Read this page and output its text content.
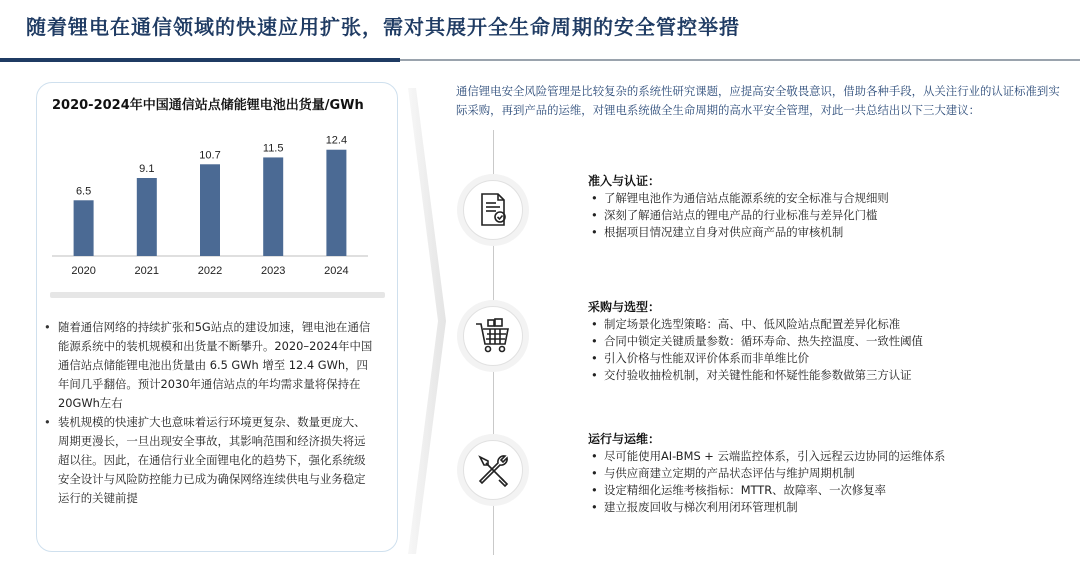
随着锂电在通信领域的快速应用扩张，需对其展开全生命周期的安全管控举措
2020-2024年中国通信站点储能锂电池出货量/GWh
6.5
2020
9.1
2021
10.7
2022
11.5
2023
12.4
2024
• 随着通信网络的持续扩张和5G站点的建设加速，锂电池在通信能源系统中的装机规模和出货量不断攀升。2020–2024年中国通信站点储能锂电池出货量由 6.5 GWh 增至 12.4 GWh，四年间几乎翻倍。预计2030年通信站点的年均需求量将保持在20GWh左右
• 装机规模的快速扩大也意味着运行环境更复杂、数量更庞大、周期更漫长，一旦出现安全事故，其影响范围和经济损失将远超以往。因此，在通信行业全面锂电化的趋势下，强化系统级安全设计与风险防控能力已成为确保网络连续供电与业务稳定运行的关键前提
通信锂电安全风险管理是比较复杂的系统性研究课题，应提高安全敬畏意识，借助各种手段，从关注行业的认证标准到实际采购，再到产品的运维，对锂电系统做全生命周期的高水平安全管理，对此一共总结出以下三大建议：
准入与认证：
• 了解锂电池作为通信站点能源系统的安全标准与合规细则
• 深刻了解通信站点的锂电产品的行业标准与差异化门槛
• 根据项目情况建立自身对供应商产品的审核机制
采购与选型：
• 制定场景化选型策略：高、中、低风险站点配置差异化标准
• 合同中锁定关键质量参数：循环寿命、热失控温度、一致性阈值
• 引入价格与性能双评价体系而非单维比价
• 交付验收抽检机制，对关键性能和怀疑性能参数做第三方认证
运行与运维：
• 尽可能使用AI-BMS + 云端监控体系，引入远程云边协同的运维体系
• 与供应商建立定期的产品状态评估与维护周期机制
• 设定精细化运维考核指标：MTTR、故障率、一次修复率
• 建立报废回收与梯次利用闭环管理机制
